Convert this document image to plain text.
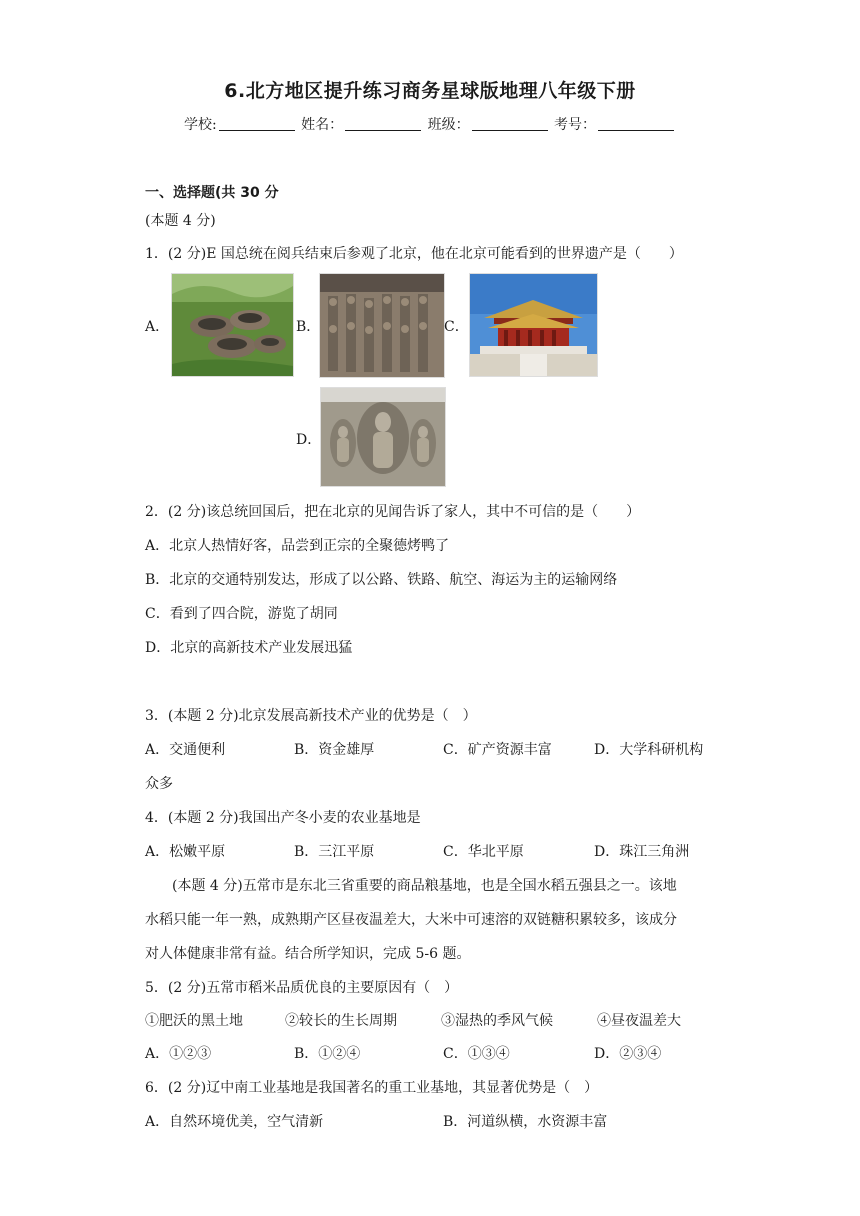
6.北方地区提升练习商务星球版地理八年级下册
学校:	姓名：	班级：	考号：
一、选择题(共 30 分
(本题 4 分)
1．(2 分)E 国总统在阅兵结束后参观了北京，他在北京可能看到的世界遗产是（　　）
A．	B．	C．
D．
2．(2 分)该总统回国后，把在北京的见闻告诉了家人，其中不可信的是（　　）
A．北京人热情好客，品尝到正宗的全聚德烤鸭了
B．北京的交通特别发达，形成了以公路、铁路、航空、海运为主的运输网络
C．看到了四合院，游览了胡同
D．北京的高新技术产业发展迅猛
3．(本题 2 分)北京发展高新技术产业的优势是（　）
A．交通便利	B．资金雄厚	C．矿产资源丰富	D．大学科研机构
众多
4．(本题 2 分)我国出产冬小麦的农业基地是
A．松嫩平原	B．三江平原	C．华北平原	D．珠江三角洲
(本题 4 分)五常市是东北三省重要的商品粮基地，也是全国水稻五强县之一。该地
水稻只能一年一熟，成熟期产区昼夜温差大，大米中可速溶的双链糖积累较多，该成分
对人体健康非常有益。结合所学知识，完成 5-6 题。
5．(2 分)五常市稻米品质优良的主要原因有（　）
①肥沃的黑土地	②较长的生长周期	③湿热的季风气候	④昼夜温差大
A．①②③	B．①②④	C．①③④	D．②③④
6．(2 分)辽中南工业基地是我国著名的重工业基地，其显著优势是（　）
A．自然环境优美，空气清新	B．河道纵横，水资源丰富
